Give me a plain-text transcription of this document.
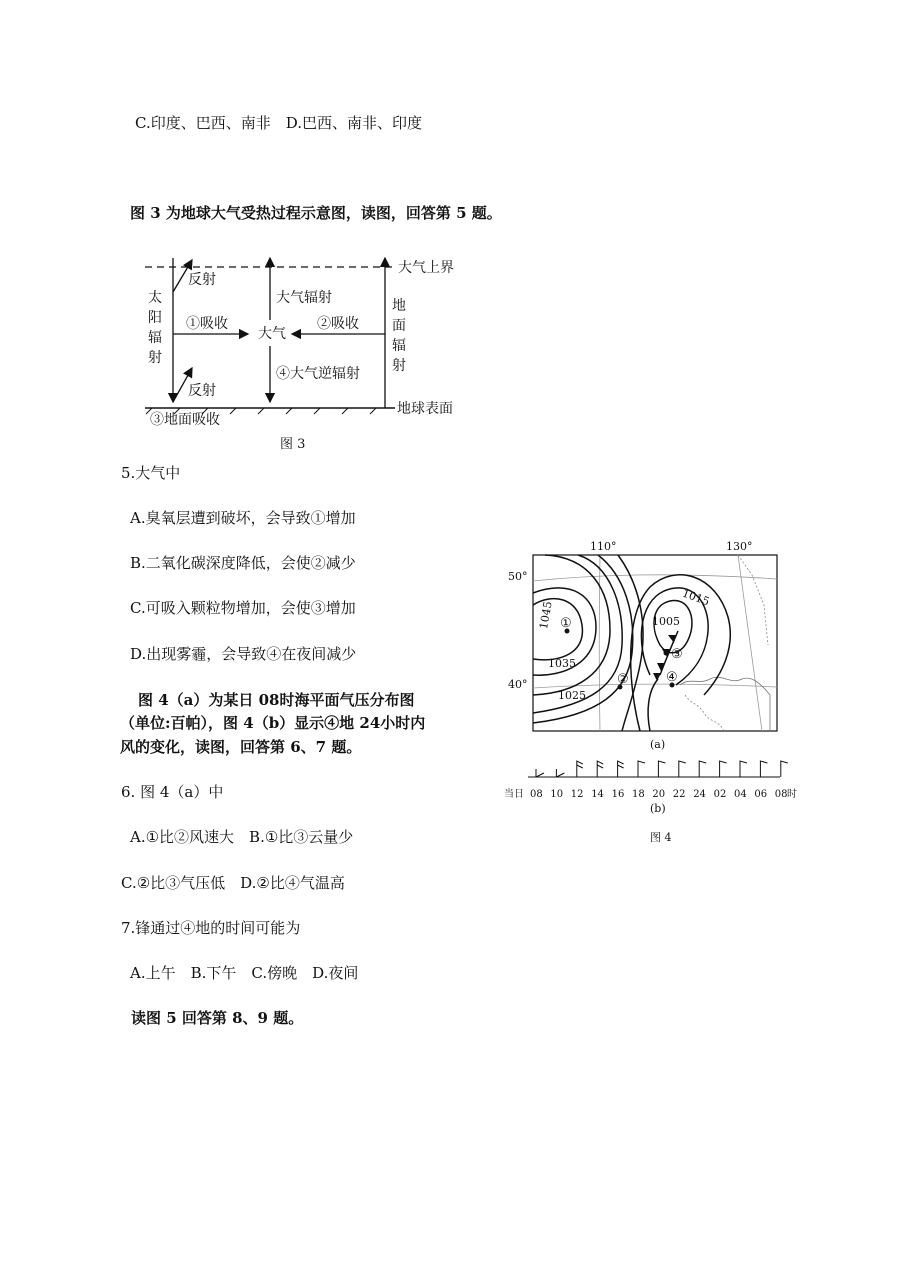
C.印度、巴西、南非　D.巴西、南非、印度
图 3 为地球大气受热过程示意图，读图，回答第 5 题。
大气上界
地球表面
太
阳
辐
射
反射
反射
①吸收
大气
大气辐射
④大气逆辐射
地
面
辐
射
②吸收
③地面吸收
图 3
5.大气中
A.臭氧层遭到破坏，会导致①增加
B.二氧化碳深度降低，会使②减少
C.可吸入颗粒物增加，会使③增加
D.出现雾霾，会导致④在夜间减少
图 4（a）为某日 08时海平面气压分布图
（单位:百帕），图 4（b）显示④地 24小时内
风的变化，读图，回答第 6、7 题。
6. 图 4（a）中
A.①比②风速大　B.①比③云量少
C.②比③气压低　D.②比④气温高
7.锋通过④地的时间可能为
A.上午　B.下午　C.傍晚　D.夜间
读图 5 回答第 8、9 题。
110°	130°
50°
40°
1045
1035
1025
1015
1005
①
②
③
④
(a)
08 10 12 14 16 18 20 22 24 02 04 06 08
当日	时
(b)
图 4
